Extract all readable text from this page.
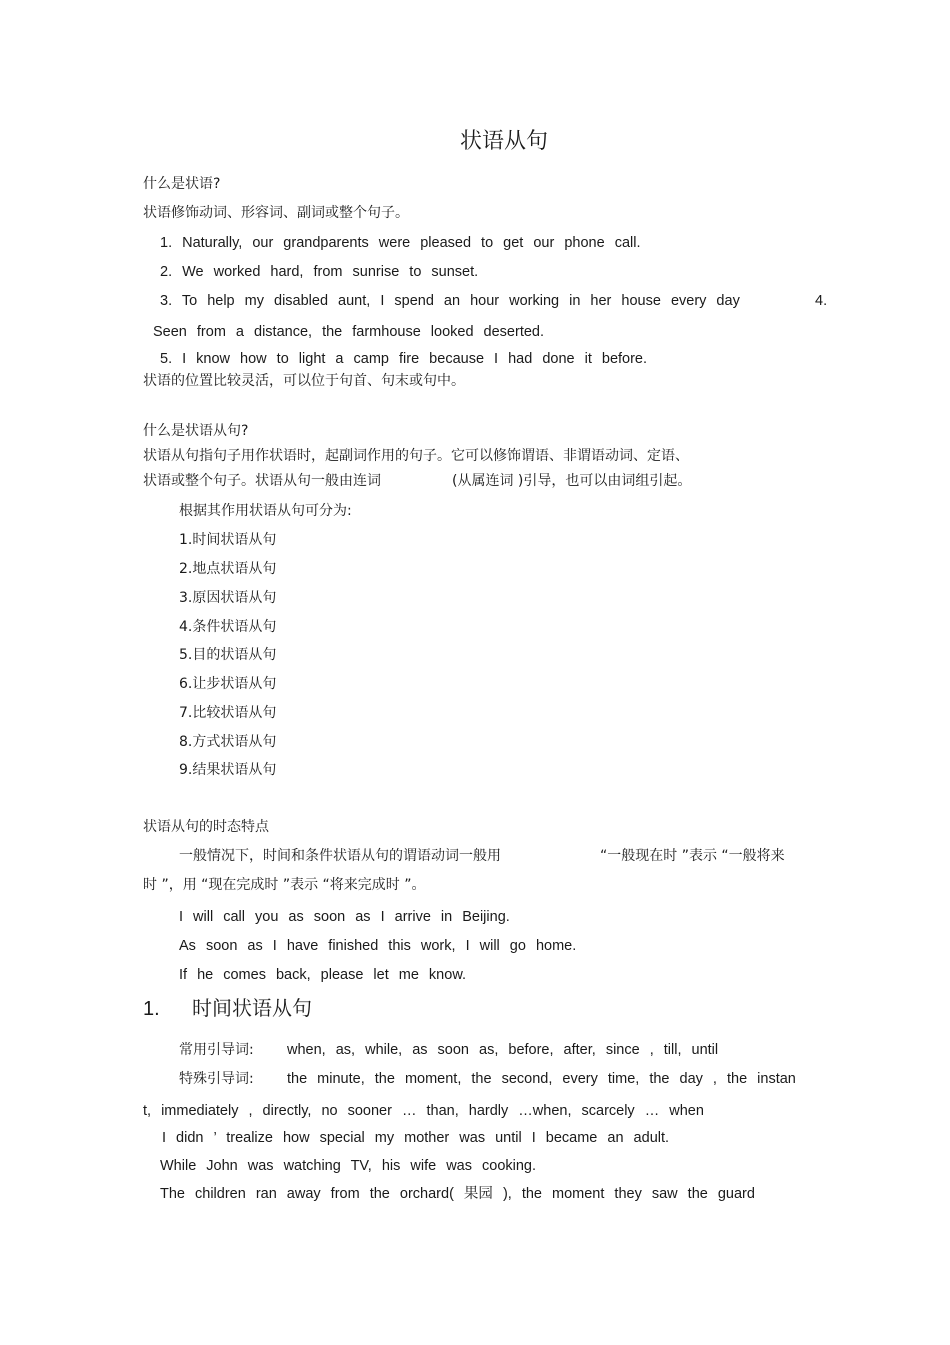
状语从句
什么是状语?
状语修饰动词、形容词、副词或整个句子。
1. Naturally, our grandparents were pleased to get our phone call.
2. We worked hard, from sunrise to sunset.
3. To help my disabled aunt, I spend an hour working in her house every day	4.
Seen from a distance, the farmhouse looked deserted.
5. I know how to light a camp fire because I had done it before.
状语的位置比较灵活，可以位于句首、句末或句中。
什么是状语从句?
状语从句指句子用作状语时，起副词作用的句子。它可以修饰谓语、非谓语动词、定语、
状语或整个句子。状语从句一般由连词	(从属连词 )引导，也可以由词组引起。
根据其作用状语从句可分为:
1.时间状语从句
2.地点状语从句
3.原因状语从句
4.条件状语从句
5.目的状语从句
6.让步状语从句
7.比较状语从句
8.方式状语从句
9.结果状语从句
状语从句的时态特点
一般情况下，时间和条件状语从句的谓语动词一般用	“一般现在时 ”表示 “一般将来
时 ”，用 “现在完成时 ”表示 “将来完成时 ”。
I will call you as soon as I arrive in Beijing.
As soon as I have finished this work, I will go home.
If he comes back, please let me know.
1. 时间状语从句
常用引导词: when, as, while, as soon as, before, after, since , till, until
特殊引导词: the minute, the moment, the second, every time, the day , the instan
t, immediately , directly, no sooner … than, hardly …when, scarcely … when
I didn ’ trealize how special my mother was until I became an adult.
While John was watching TV, his wife was cooking.
The children ran away from the orchard( 果园 ), the moment they saw the guard
